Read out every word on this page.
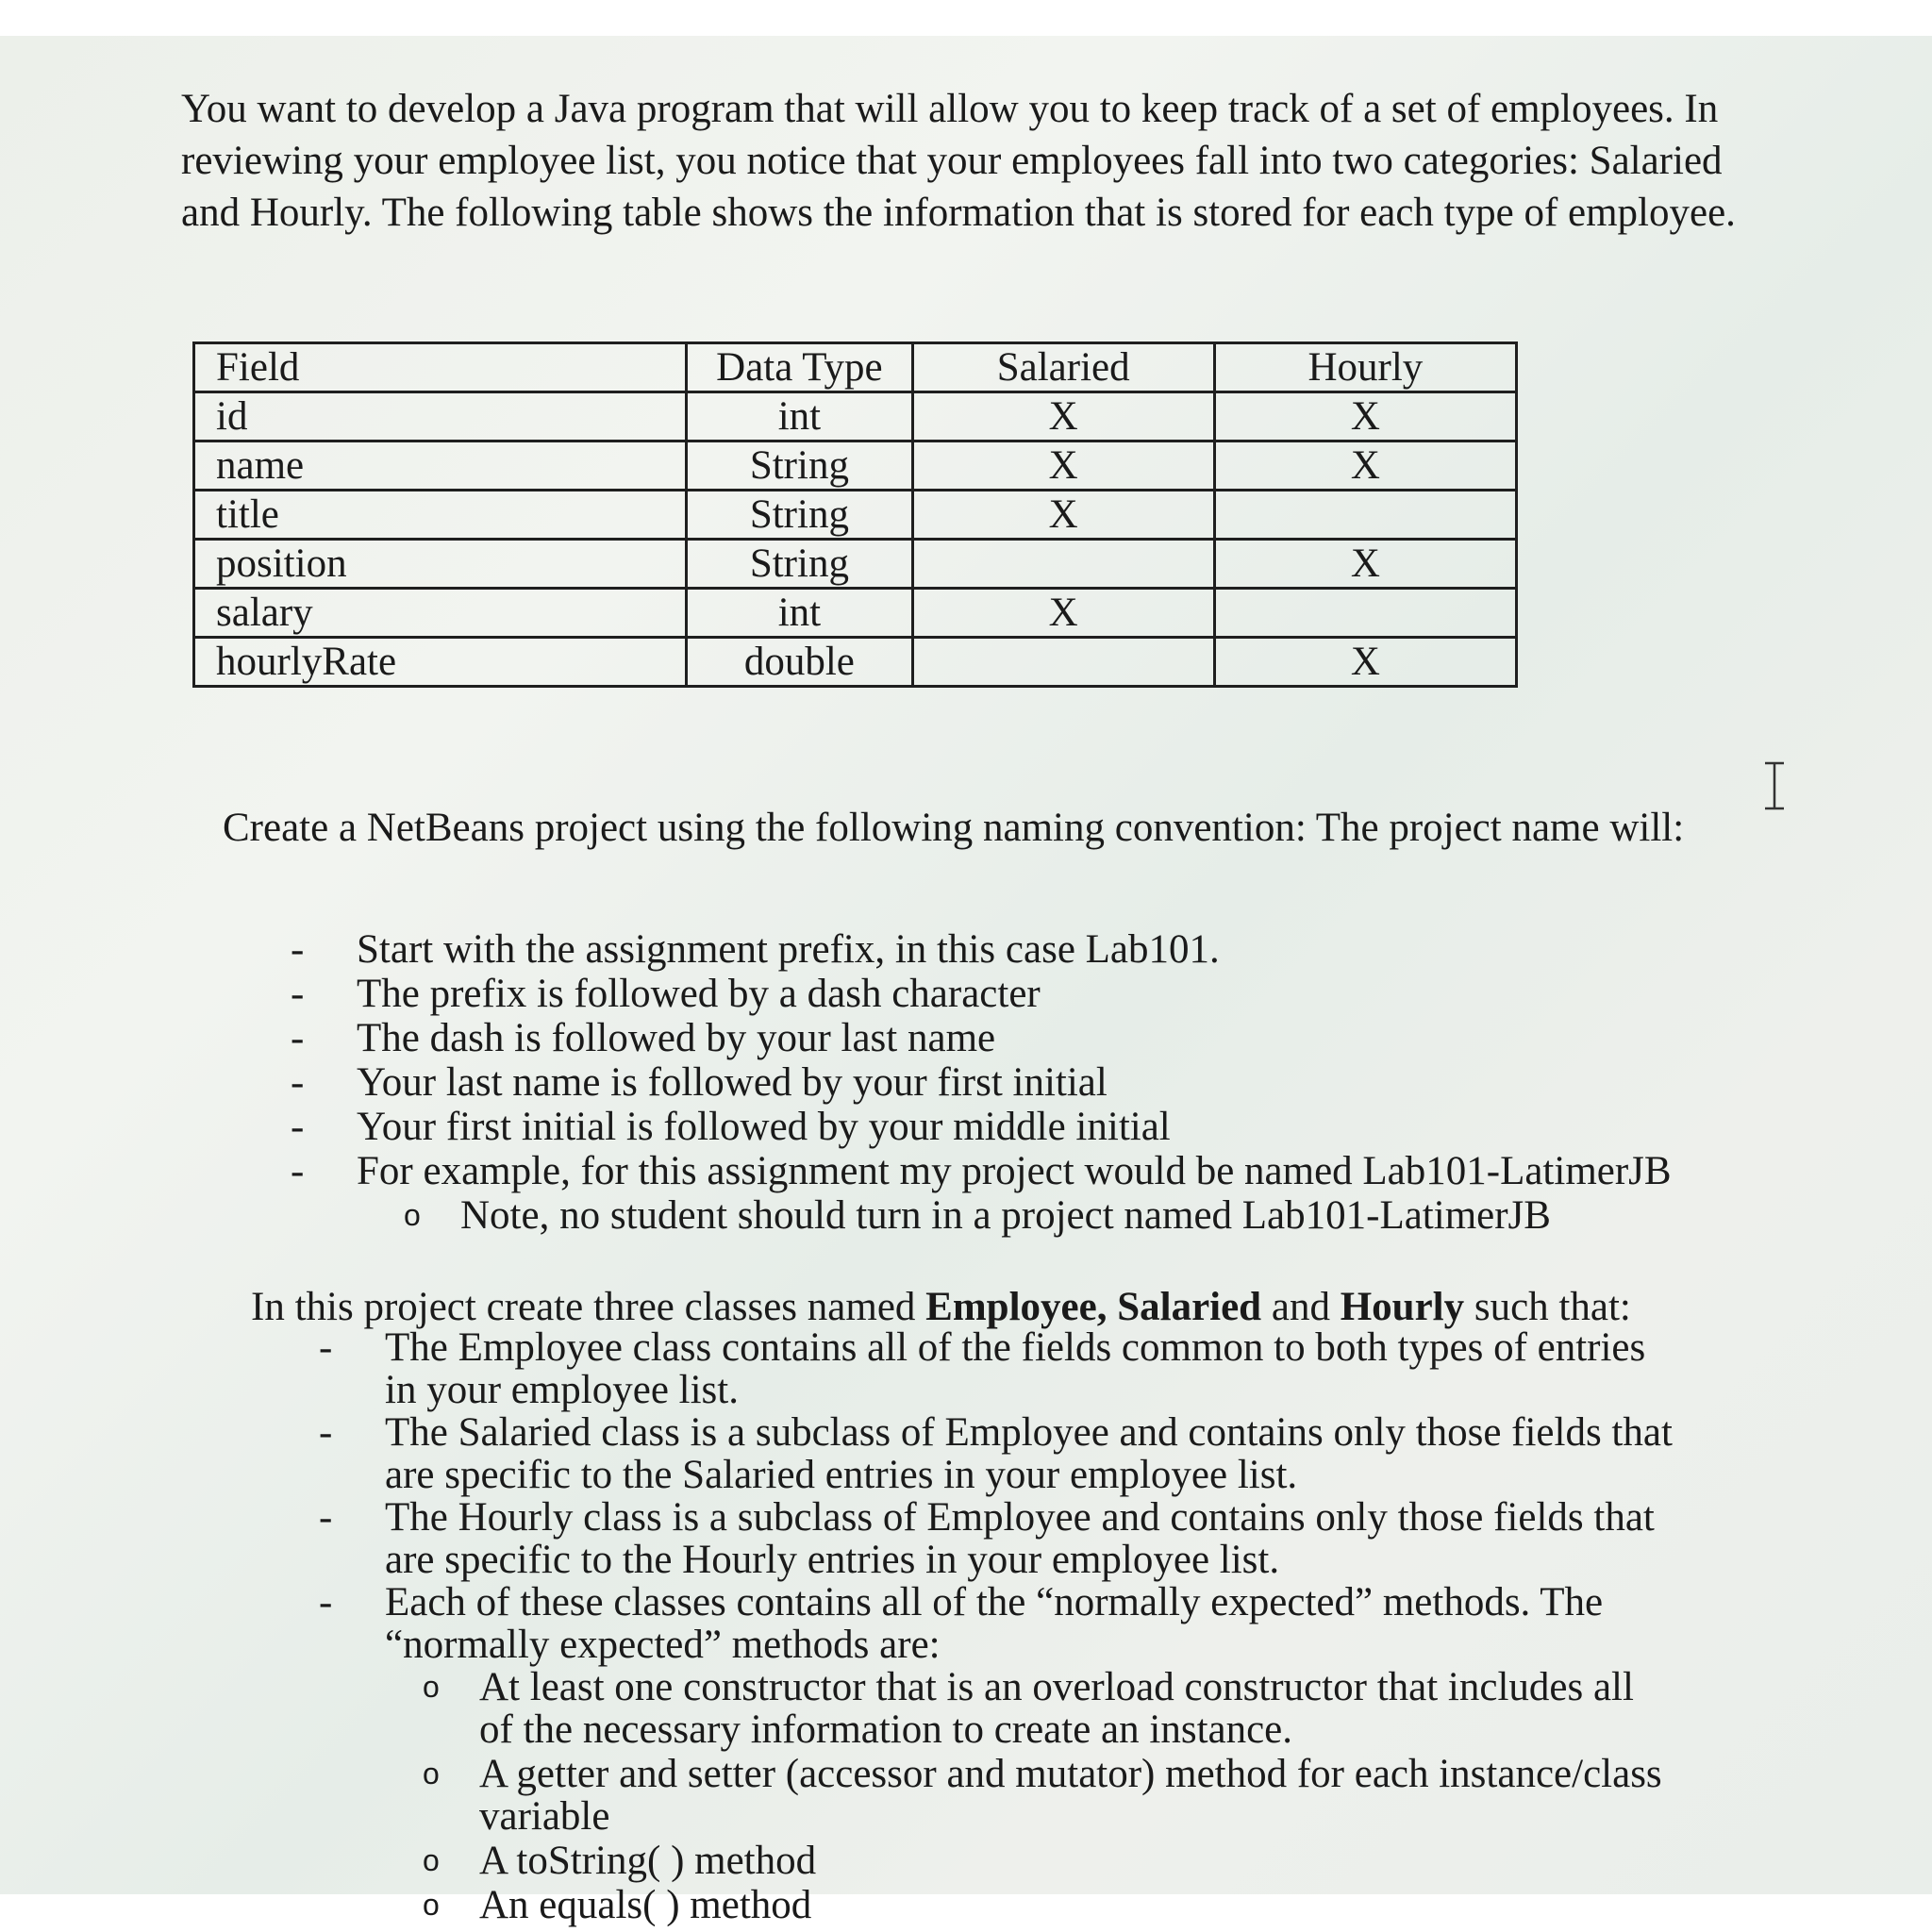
You want to develop a Java program that will allow you to keep track of a set of employees. In reviewing your employee list, you notice that your employees fall into two categories: Salaried and Hourly. The following table shows the information that is stored for each type of employee.

Field	Data Type	Salaried	Hourly
id	int	X	X
name	String	X	X
title	String	X	
position	String		X
salary	int	X	
hourlyRate	double		X

Create a NetBeans project using the following naming convention: The project name will:

- Start with the assignment prefix, in this case Lab101.
- The prefix is followed by a dash character
- The dash is followed by your last name
- Your last name is followed by your first initial
- Your first initial is followed by your middle initial
- For example, for this assignment my project would be named Lab101-LatimerJB
o Note, no student should turn in a project named Lab101-LatimerJB

In this project create three classes named Employee, Salaried and Hourly such that:

- The Employee class contains all of the fields common to both types of entries in your employee list.
- The Salaried class is a subclass of Employee and contains only those fields that are specific to the Salaried entries in your employee list.
- The Hourly class is a subclass of Employee and contains only those fields that are specific to the Hourly entries in your employee list.
- Each of these classes contains all of the “normally expected” methods. The “normally expected” methods are:
o At least one constructor that is an overload constructor that includes all of the necessary information to create an instance.
o A getter and setter (accessor and mutator) method for each instance/class variable
o A toString( ) method
o An equals( ) method
